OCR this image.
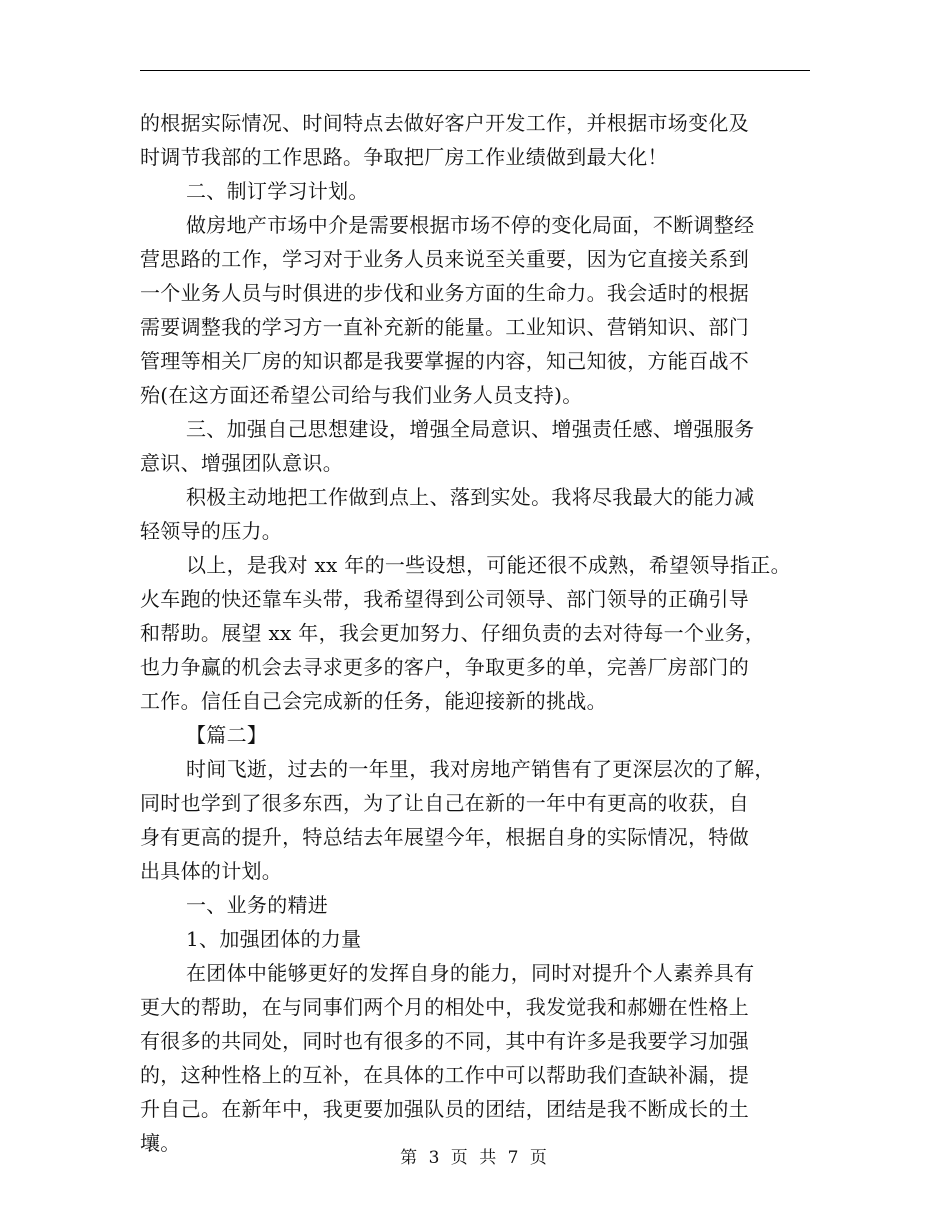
的根据实际情况、时间特点去做好客户开发工作，并根据市场变化及
时调节我部的工作思路。争取把厂房工作业绩做到最大化！
二、制订学习计划。
做房地产市场中介是需要根据市场不停的变化局面，不断调整经
营思路的工作，学习对于业务人员来说至关重要，因为它直接关系到
一个业务人员与时俱进的步伐和业务方面的生命力。我会适时的根据
需要调整我的学习方一直补充新的能量。工业知识、营销知识、部门
管理等相关厂房的知识都是我要掌握的内容，知己知彼，方能百战不
殆(在这方面还希望公司给与我们业务人员支持)。
三、加强自己思想建设，增强全局意识、增强责任感、增强服务
意识、增强团队意识。
积极主动地把工作做到点上、落到实处。我将尽我最大的能力减
轻领导的压力。
以上，是我对 xx 年的一些设想，可能还很不成熟，希望领导指正。
火车跑的快还靠车头带，我希望得到公司领导、部门领导的正确引导
和帮助。展望 xx 年，我会更加努力、仔细负责的去对待每一个业务，
也力争赢的机会去寻求更多的客户，争取更多的单，完善厂房部门的
工作。信任自己会完成新的任务，能迎接新的挑战。
【篇二】
时间飞逝，过去的一年里，我对房地产销售有了更深层次的了解，
同时也学到了很多东西，为了让自己在新的一年中有更高的收获，自
身有更高的提升，特总结去年展望今年，根据自身的实际情况，特做
出具体的计划。
一、业务的精进
1、加强团体的力量
在团体中能够更好的发挥自身的能力，同时对提升个人素养具有
更大的帮助，在与同事们两个月的相处中，我发觉我和郝姗在性格上
有很多的共同处，同时也有很多的不同，其中有许多是我要学习加强
的，这种性格上的互补，在具体的工作中可以帮助我们查缺补漏，提
升自己。在新年中，我更要加强队员的团结，团结是我不断成长的土
壤。
第 3 页 共 7 页
